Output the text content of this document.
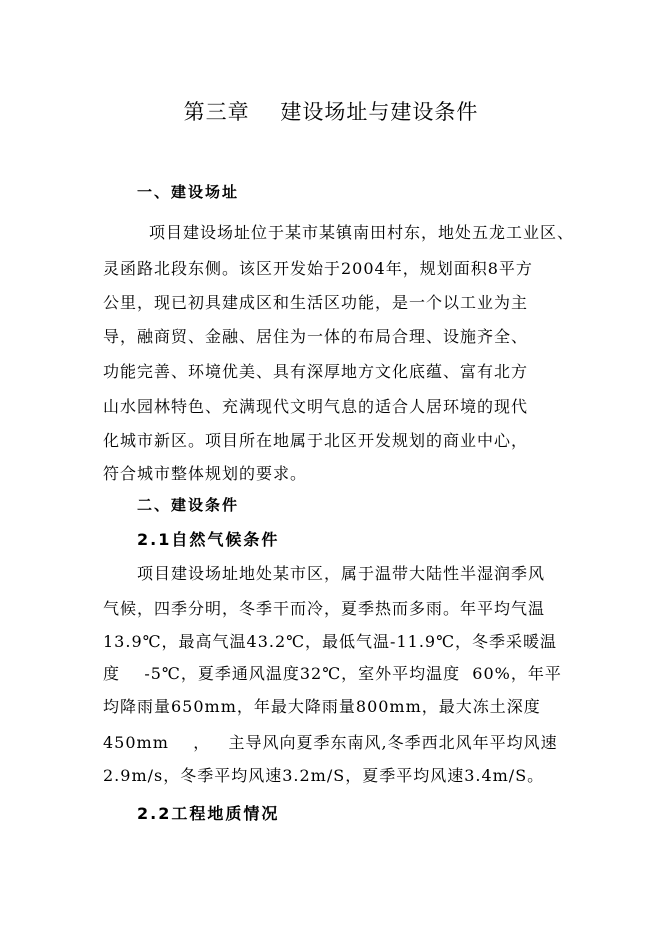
第三章    建设场址与建设条件
一、建设场址
项目建设场址位于某市某镇南田村东，地处五龙工业区、
灵函路北段东侧。该区开发始于2004年，规划面积8平方
公里，现已初具建成区和生活区功能，是一个以工业为主
导，融商贸、金融、居住为一体的布局合理、设施齐全、
功能完善、环境优美、具有深厚地方文化底蕴、富有北方
山水园林特色、充满现代文明气息的适合人居环境的现代
化城市新区。项目所在地属于北区开发规划的商业中心，
符合城市整体规划的要求。
二、建设条件
2.1自然气候条件
项目建设场址地处某市区，属于温带大陆性半湿润季风
气候，四季分明，冬季干而冷，夏季热而多雨。年平均气温
13.9℃，最高气温43.2℃，最低气温-11.9℃，冬季采暖温
度    -5℃，夏季通风温度32℃，室外平均温度  60%，年平
均降雨量650mm，年最大降雨量800mm，最大冻土深度
450mm    ，   主导风向夏季东南风,冬季西北风年平均风速
2.9m/s，冬季平均风速3.2m/S，夏季平均风速3.4m/S。
2.2工程地质情况
